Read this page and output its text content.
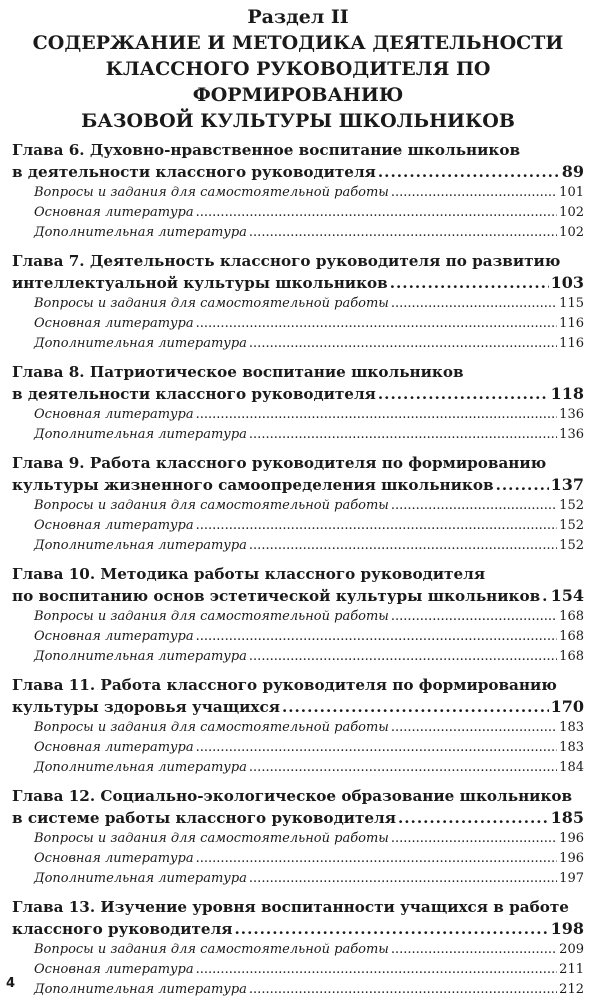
Раздел II
СОДЕРЖАНИЕ И МЕТОДИКА ДЕЯТЕЛЬНОСТИ
КЛАССНОГО РУКОВОДИТЕЛЯ ПО ФОРМИРОВАНИЮ
БАЗОВОЙ КУЛЬТУРЫ ШКОЛЬНИКОВ
Глава 6. Духовно-нравственное воспитание школьников
в деятельности классного руководителя .....	89
Вопросы и задания для самостоятельной работы .....	101
Основная литература .....	102
Дополнительная литература .....	102
Глава 7. Деятельность классного руководителя по развитию
интеллектуальной культуры школьников .....	103
Вопросы и задания для самостоятельной работы .....	115
Основная литература .....	116
Дополнительная литература .....	116
Глава 8. Патриотическое воспитание школьников
в деятельности классного руководителя .....	118
Основная литература .....	136
Дополнительная литература .....	136
Глава 9. Работа классного руководителя по формированию
культуры жизненного самоопределения школьников .....	137
Вопросы и задания для самостоятельной работы .....	152
Основная литература .....	152
Дополнительная литература .....	152
Глава 10. Методика работы классного руководителя
по воспитанию основ эстетической культуры школьников ..... 154
Вопросы и задания для самостоятельной работы .....	168
Основная литература .....	168
Дополнительная литература .....	168
Глава 11. Работа классного руководителя по формированию
культуры здоровья учащихся .....	170
Вопросы и задания для самостоятельной работы .....	183
Основная литература .....	183
Дополнительная литература .....	184
Глава 12. Социально-экологическое образование школьников
в системе работы классного руководителя .....	185
Вопросы и задания для самостоятельной работы .....	196
Основная литература .....	196
Дополнительная литература .....	197
Глава 13. Изучение уровня воспитанности учащихся в работе
классного руководителя .....	198
Вопросы и задания для самостоятельной работы .....	209
Основная литература .....	211
Дополнительная литература .....	212
4
